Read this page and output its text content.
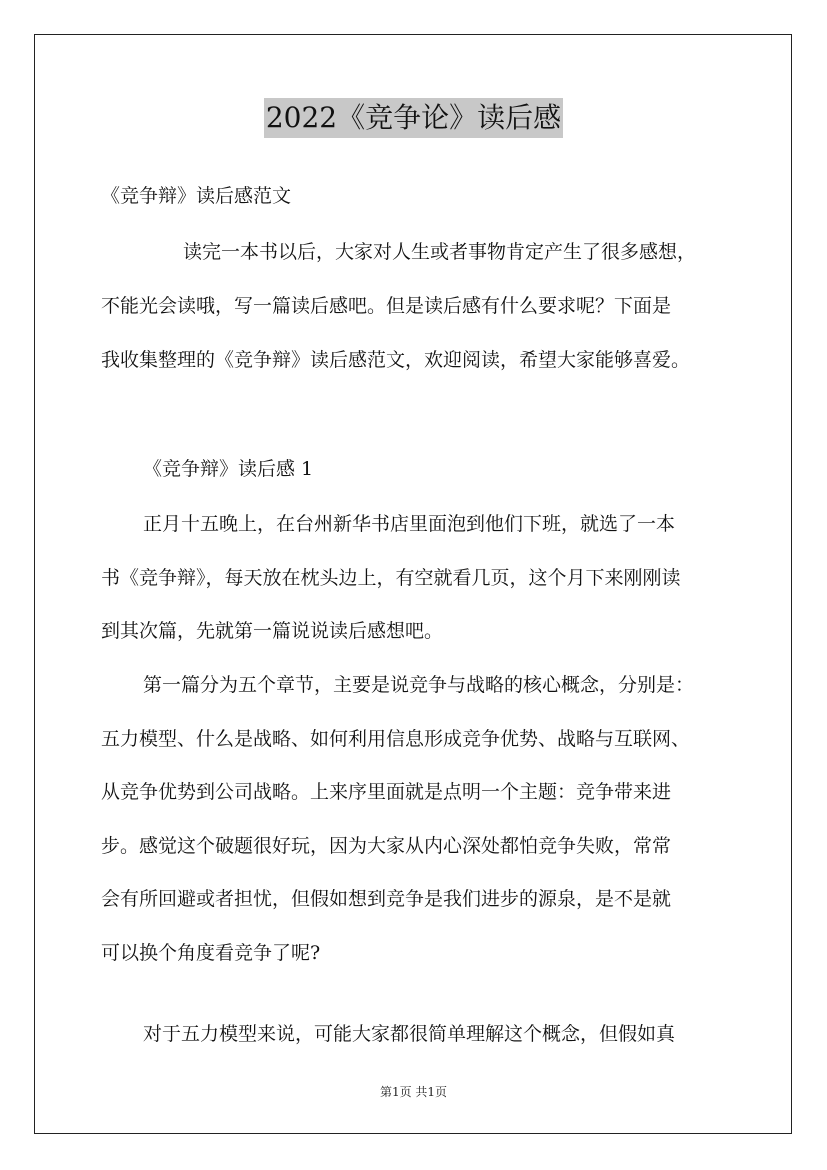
2022《竞争论》读后感
《竞争辩》读后感范文
读完一本书以后，大家对人生或者事物肯定产生了很多感想，
不能光会读哦，写一篇读后感吧。但是读后感有什么要求呢？下面是
我收集整理的《竞争辩》读后感范文，欢迎阅读，希望大家能够喜爱。
《竞争辩》读后感 1
正月十五晚上，在台州新华书店里面泡到他们下班，就选了一本
书《竞争辩》，每天放在枕头边上，有空就看几页，这个月下来刚刚读
到其次篇，先就第一篇说说读后感想吧。
第一篇分为五个章节，主要是说竞争与战略的核心概念，分别是：
五力模型、什么是战略、如何利用信息形成竞争优势、战略与互联网、
从竞争优势到公司战略。上来序里面就是点明一个主题：竞争带来进
步。感觉这个破题很好玩，因为大家从内心深处都怕竞争失败，常常
会有所回避或者担忧，但假如想到竞争是我们进步的源泉，是不是就
可以换个角度看竞争了呢?
对于五力模型来说，可能大家都很简单理解这个概念，但假如真
第1页 共1页
